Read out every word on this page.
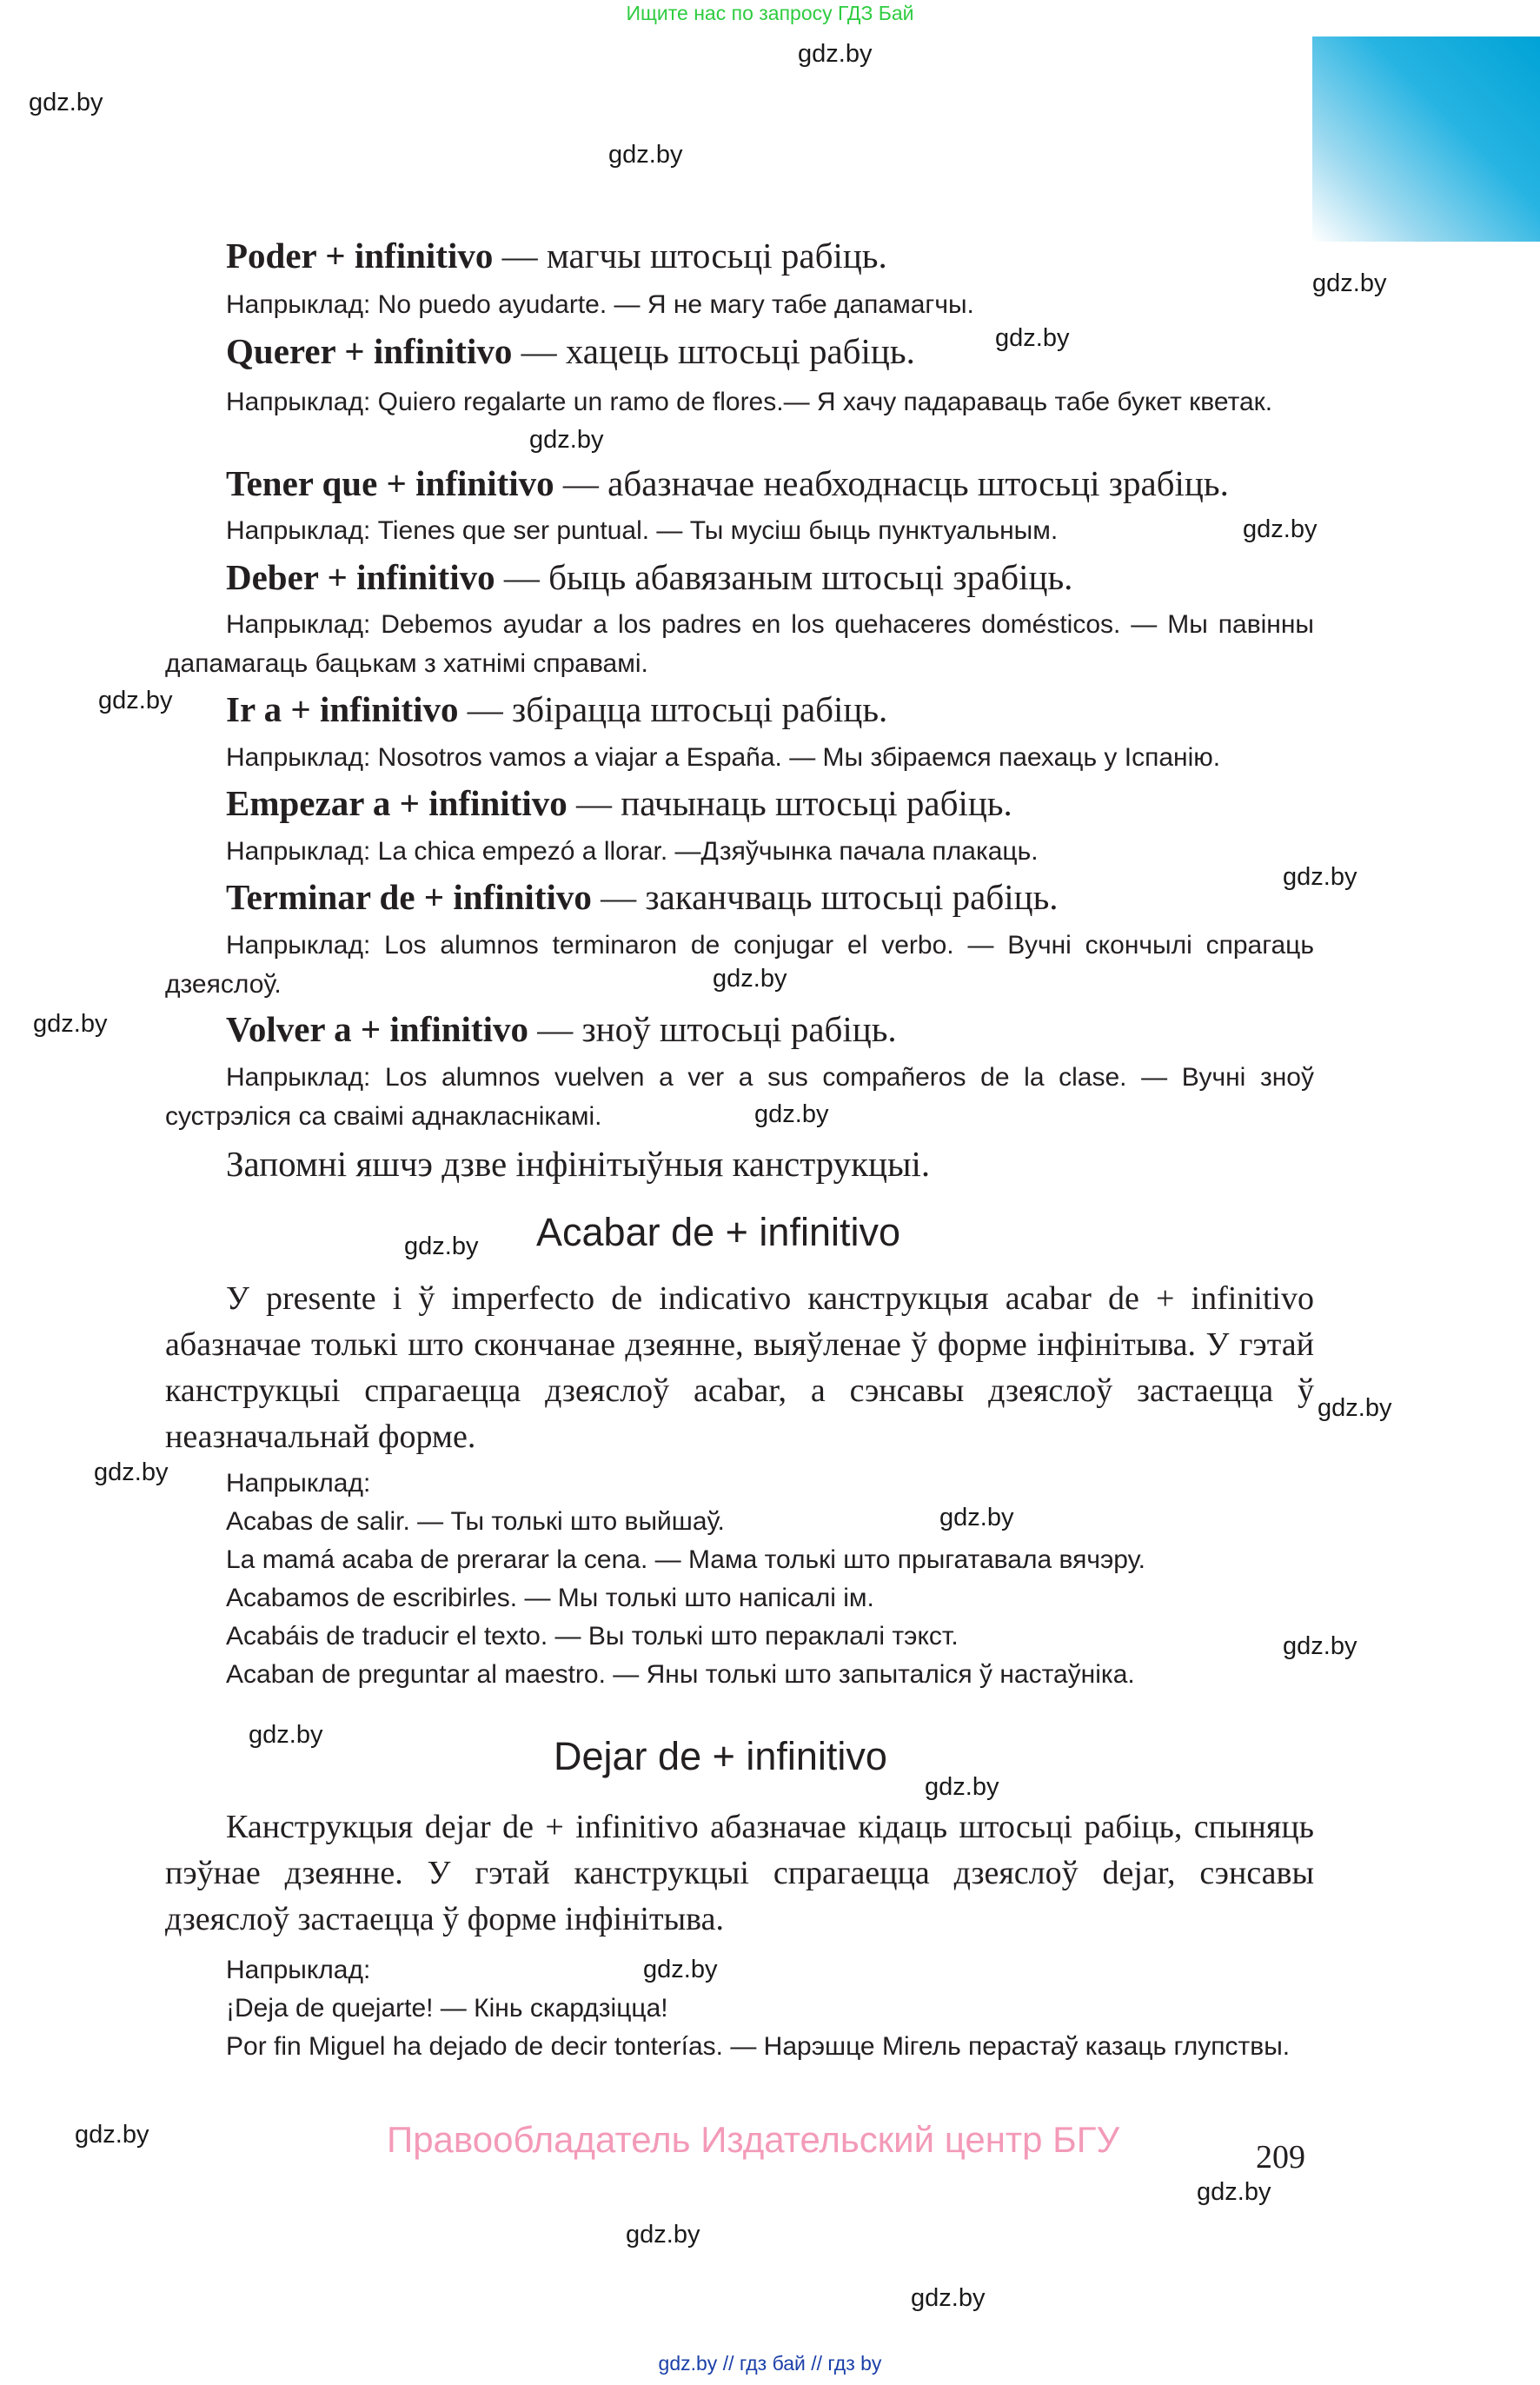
Ищите нас по запросу ГДЗ Бай
Poder + infinitivo — магчы штосьці рабіць.
Напрыклад: No puedo ayudarte. — Я не магу табе дапамагчы.
Querer + infinitivo — хацець штосьці рабіць.
Напрыклад: Quiero regalarte un ramo de flores.— Я хачу падараваць табе букет кветак.
Tener que + infinitivo — абазначае неабходнасць штосьці зрабіць.
Напрыклад: Tienes que ser puntual. — Ты мусіш быць пунктуальным.
Deber + infinitivo — быць абавязаным штосьці зрабіць.
Напрыклад: Debemos ayudar a los padres en los quehaceres domésticos. — Мы павінны дапамагаць бацькам з хатнімі справамі.
Ir a + infinitivo — збірацца штосьці рабіць.
Напрыклад: Nosotros vamos a viajar a España. — Мы збіраемся паехаць у Іспанію.
Empezar a + infinitivo — пачынаць штосьці рабіць.
Напрыклад: La chica empezó a llorar. —Дзяўчынка пачала плакаць.
Terminar de + infinitivo — заканчваць штосьці рабіць.
Напрыклад: Los alumnos terminaron de conjugar el verbo. — Вучні скончылі спрагаць дзеяслоў.
Volver a + infinitivo — зноў штосьці рабіць.
Напрыклад: Los alumnos vuelven a ver a sus compañeros de la clase. — Вучні зноў сустрэліся са сваімі аднакласнікамі.
Запомні яшчэ дзве інфінітыўныя канструкцыі.
Acabar de + infinitivo
У presente і ў imperfecto de indicativo канструкцыя acabar de + infinitivo абазначае толькі што скончанае дзеянне, выяўленае ў форме інфінітыва. У гэтай канструкцыі спрагаецца дзеяслоў acabar, а сэнсавы дзеяслоў застаецца ў неазначальнай форме.
Напрыклад:
Acabas de salir. — Ты толькі што выйшаў.
La mamá acaba de prerarar la cena. — Мама толькі што прыгатавала вячэру.
Acabamos de escribirles. — Мы толькі што напісалі ім.
Acabáis de traducir el texto. — Вы толькі што пераклалі тэкст.
Acaban de preguntar al maestro. — Яны толькі што запыталіся ў настаўніка.
Dejar de + infinitivo
Канструкцыя dejar de + infinitivo абазначае кідаць штосьці рабіць, спыняць пэўнае дзеянне. У гэтай канструкцыі спрагаецца дзеяслоў dejar, сэнсавы дзеяслоў застаецца ў форме інфінітыва.
Напрыклад:
¡Deja de quejarte! — Кінь скардзіцца!
Por fin Miguel ha dejado de decir tonterías. — Нарэшце Мігель перастаў казаць глупствы.
Правообладатель Издательский центр БГУ	209
gdz.by // гдз бай // гдз by
gdz.by
gdz.by
gdz.by
gdz.by
gdz.by
gdz.by
gdz.by
gdz.by
gdz.by
gdz.by
gdz.by
gdz.by
gdz.by
gdz.by
gdz.by
gdz.by
gdz.by
gdz.by
gdz.by
gdz.by
gdz.by
gdz.by
gdz.by
gdz.by
